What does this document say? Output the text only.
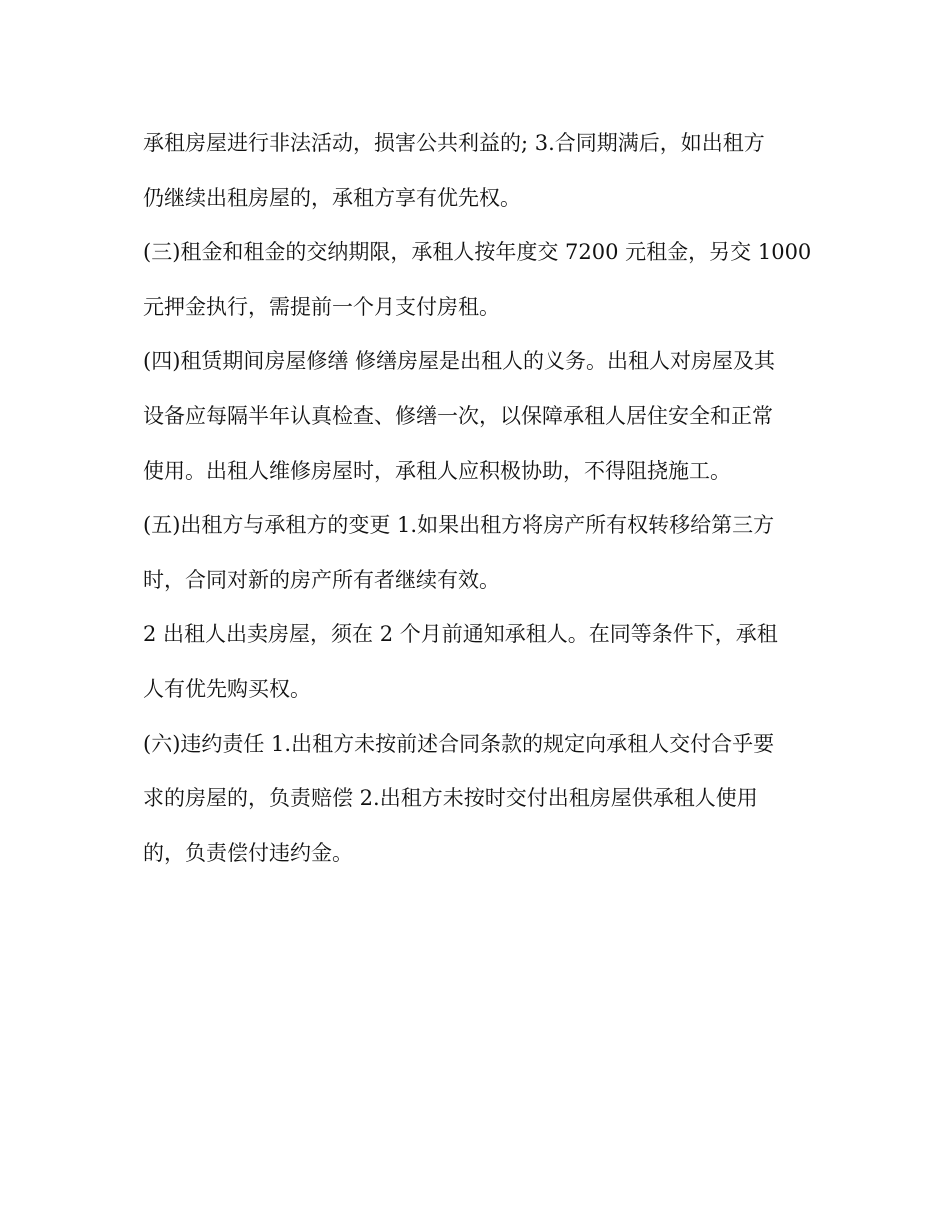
承租房屋进行非法活动，损害公共利益的; 3.合同期满后，如出租方
仍继续出租房屋的，承租方享有优先权。
(三)租金和租金的交纳期限，承租人按年度交 7200 元租金，另交 1000
元押金执行，需提前一个月支付房租。
(四)租赁期间房屋修缮 修缮房屋是出租人的义务。出租人对房屋及其
设备应每隔半年认真检查、修缮一次，以保障承租人居住安全和正常
使用。出租人维修房屋时，承租人应积极协助，不得阻挠施工。
(五)出租方与承租方的变更 1.如果出租方将房产所有权转移给第三方
时，合同对新的房产所有者继续有效。
2 出租人出卖房屋，须在 2 个月前通知承租人。在同等条件下，承租
人有优先购买权。
(六)违约责任 1.出租方未按前述合同条款的规定向承租人交付合乎要
求的房屋的，负责赔偿 2.出租方未按时交付出租房屋供承租人使用
的，负责偿付违约金。
